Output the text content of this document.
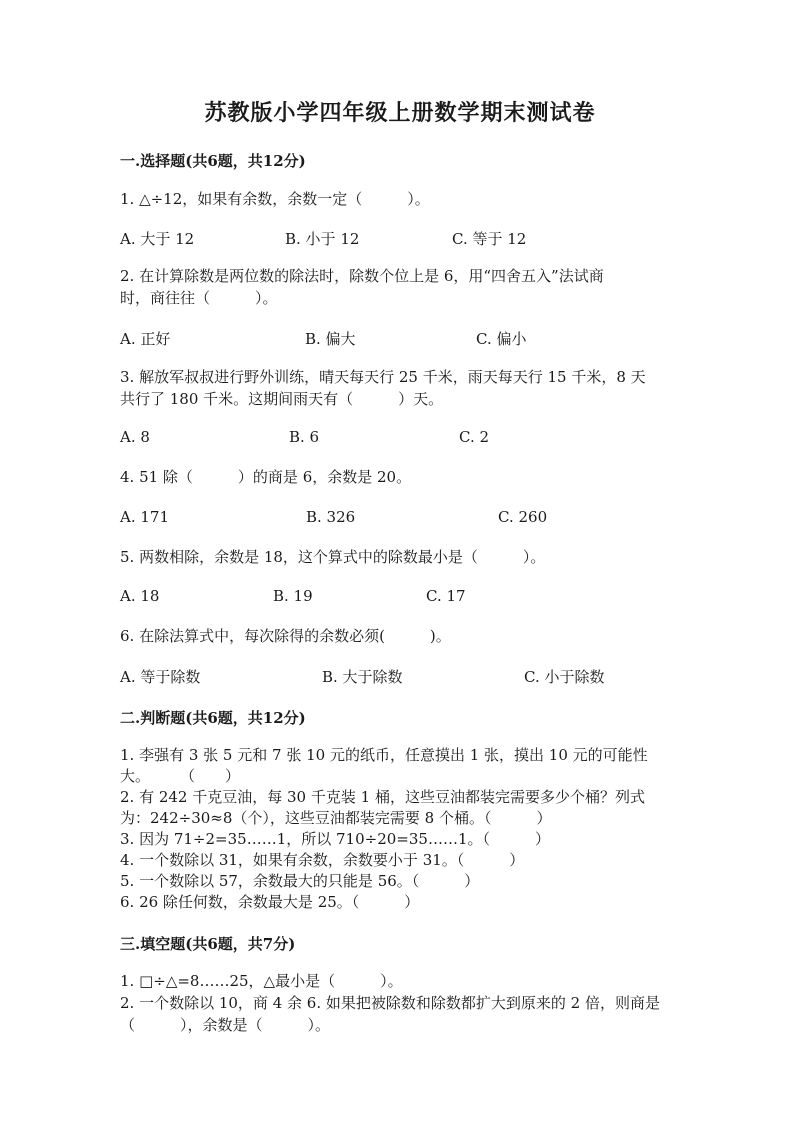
苏教版小学四年级上册数学期末测试卷
一.选择题(共6题，共12分)
1. △÷12，如果有余数，余数一定（　　　）。
A. 大于 12	B. 小于 12	C. 等于 12
2. 在计算除数是两位数的除法时，除数个位上是 6，用“四舍五入”法试商
时，商往往（　　　）。
A. 正好	B. 偏大	C. 偏小
3. 解放军叔叔进行野外训练，晴天每天行 25 千米，雨天每天行 15 千米，8 天
共行了 180 千米。这期间雨天有（　　　）天。
A. 8	B. 6	C. 2
4. 51 除（　　　）的商是 6，余数是 20。
A. 171	B. 326	C. 260
5. 两数相除，余数是 18，这个算式中的除数最小是（　　　）。
A. 18	B. 19	C. 17
6. 在除法算式中，每次除得的余数必须(　　　)。
A. 等于除数	B. 大于除数	C. 小于除数
二.判断题(共6题，共12分)
1. 李强有 3 张 5 元和 7 张 10 元的纸币，任意摸出 1 张，摸出 10 元的可能性
大。　　　（　　）
2. 有 242 千克豆油，每 30 千克装 1 桶，这些豆油都装完需要多少个桶？列式
为：242÷30≈8（个），这些豆油都装完需要 8 个桶。（　　　）
3. 因为 71÷2=35……1，所以 710÷20=35……1。（　　　）
4. 一个数除以 31，如果有余数，余数要小于 31。（　　　）
5. 一个数除以 57，余数最大的只能是 56。（　　　）
6. 26 除任何数，余数最大是 25。（　　　）
三.填空题(共6题，共7分)
1. □÷△=8……25，△最小是（　　　）。
2. 一个数除以 10，商 4 余 6. 如果把被除数和除数都扩大到原来的 2 倍，则商是
（　　　），余数是（　　　）。
